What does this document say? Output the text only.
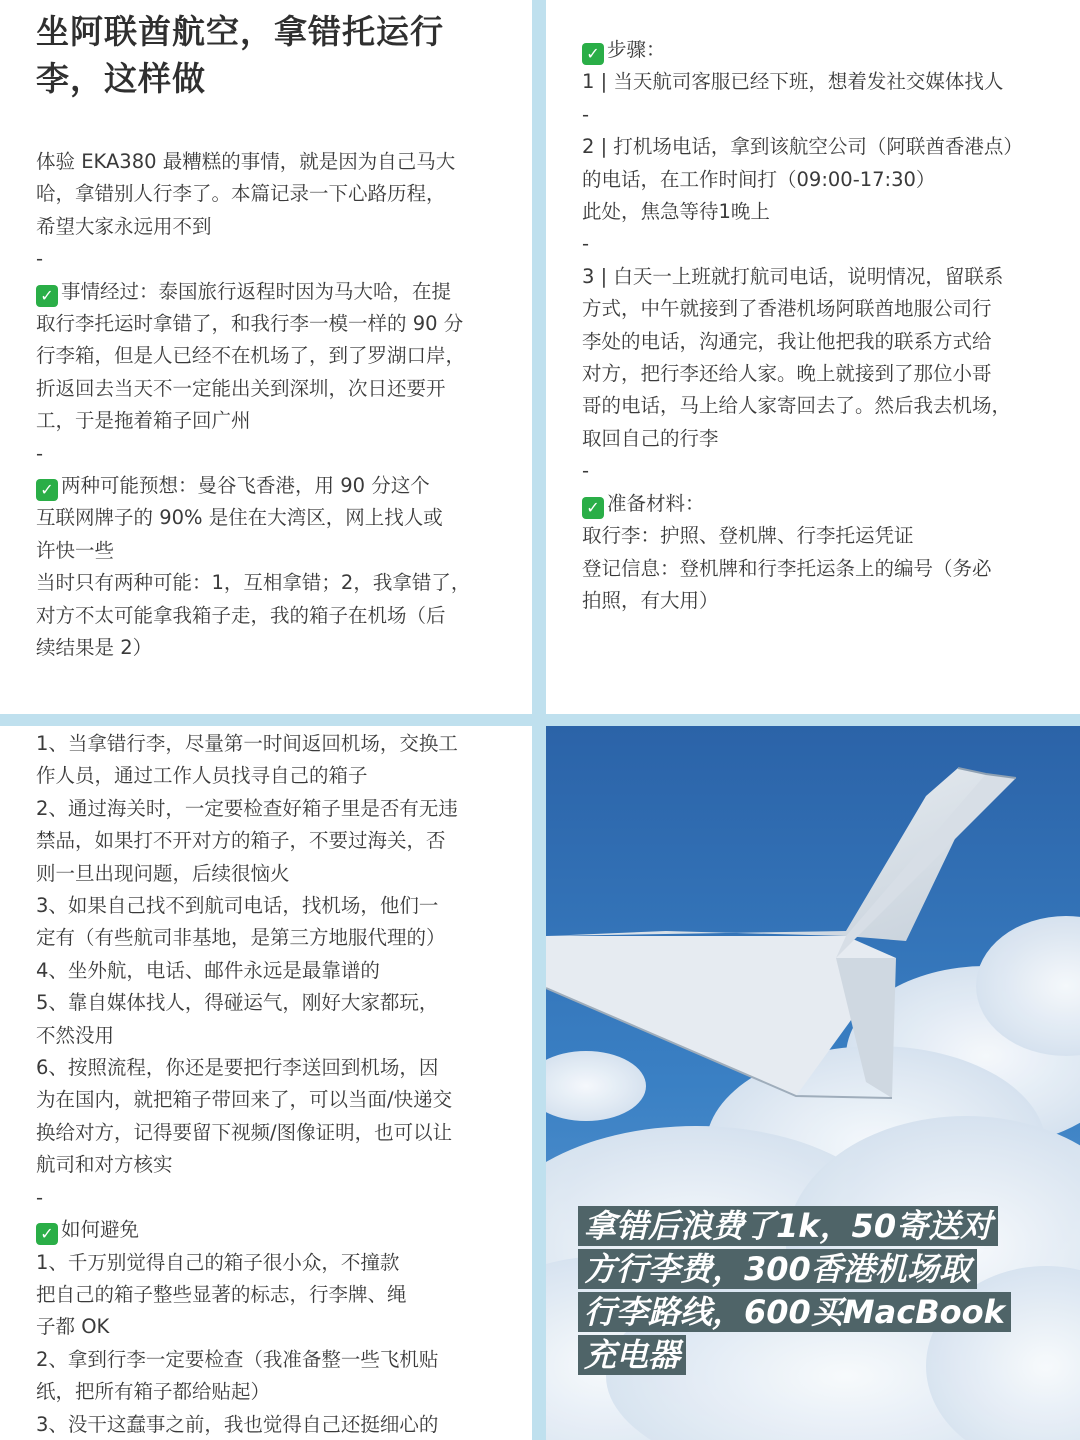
坐阿联酋航空，拿错托运行

李，这样做

体验 EKA380 最糟糕的事情，就是因为自己马大

哈，拿错别人行李了。本篇记录一下心路历程，

希望大家永远用不到

-

✓ 事情经过：泰国旅行返程时因为马大哈，在提

取行李托运时拿错了，和我行李一模一样的 90 分

行李箱，但是人已经不在机场了，到了罗湖口岸，

折返回去当天不一定能出关到深圳，次日还要开

工，于是拖着箱子回广州

-

✓ 两种可能预想：曼谷飞香港，用 90 分这个

互联网牌子的 90% 是住在大湾区，网上找人或

许快一些

当时只有两种可能：1，互相拿错；2，我拿错了，

对方不太可能拿我箱子走，我的箱子在机场（后

续结果是 2）

✓ 步骤：

1 | 当天航司客服已经下班，想着发社交媒体找人

-

2 | 打机场电话，拿到该航空公司（阿联酋香港点）

的电话，在工作时间打（09:00-17:30）

此处，焦急等待1晚上

-

3 | 白天一上班就打航司电话，说明情况，留联系

方式，中午就接到了香港机场阿联酋地服公司行

李处的电话，沟通完，我让他把我的联系方式给

对方，把行李还给人家。晚上就接到了那位小哥

哥的电话，马上给人家寄回去了。然后我去机场，

取回自己的行李

-

✓ 准备材料：

取行李：护照、登机牌、行李托运凭证

登记信息：登机牌和行李托运条上的编号（务必

拍照，有大用）

1、当拿错行李，尽量第一时间返回机场，交换工

作人员，通过工作人员找寻自己的箱子

2、通过海关时，一定要检查好箱子里是否有无违

禁品，如果打不开对方的箱子，不要过海关，否

则一旦出现问题，后续很恼火

3、如果自己找不到航司电话，找机场，他们一

定有（有些航司非基地，是第三方地服代理的）

4、坐外航，电话、邮件永远是最靠谱的

5、靠自媒体找人，得碰运气，刚好大家都玩，

不然没用

6、按照流程，你还是要把行李送回到机场，因

为在国内，就把箱子带回来了，可以当面/快递交

换给对方，记得要留下视频/图像证明，也可以让

航司和对方核实

-

✓ 如何避免

1、千万别觉得自己的箱子很小众，不撞款

把自己的箱子整些显著的标志，行李牌、绳

子都 OK

2、拿到行李一定要检查（我准备整一些飞机贴

纸，把所有箱子都给贴起）

3、没干这蠢事之前，我也觉得自己还挺细心的

拿错后浪费了1k，50寄送对
方行李费，300香港机场取
行李路线，600买MacBook
充电器
